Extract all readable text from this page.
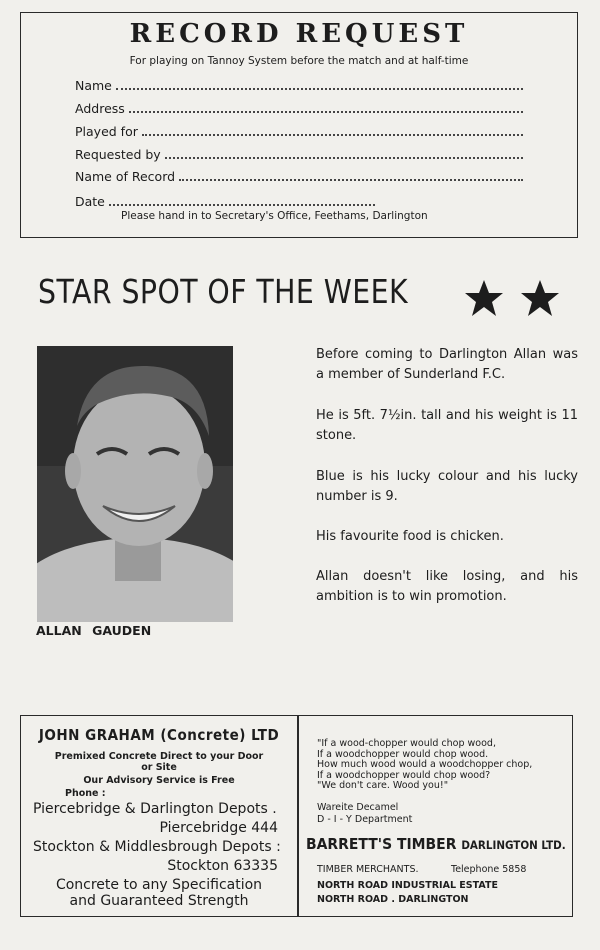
RECORD REQUEST
For playing on Tannoy System before the match and at half-time
Name
Address
Played for
Requested by
Name of Record
Date
Please hand in to Secretary's Office, Feethams, Darlington
STAR SPOT OF THE WEEK
ALLAN GAUDEN
Before coming to Darlington Allan was a member of Sunderland F.C.
He is 5ft. 7½in. tall and his weight is 11 stone.
Blue is his lucky colour and his lucky number is 9.
His favourite food is chicken.
Allan doesn't like losing, and his ambition is to win promotion.
JOHN GRAHAM (Concrete) LTD
Premixed Concrete Direct to your Door
or Site
Our Advisory Service is Free
Phone :
Piercebridge & Darlington Depots .
Piercebridge 444
Stockton & Middlesbrough Depots :
Stockton 63335
Concrete to any Specification
and Guaranteed Strength
"If a wood-chopper would chop wood,
If a woodchopper would chop wood.
How much wood would a woodchopper chop,
If a woodchopper would chop wood?
"We don't care. Wood you!"
Wareite Decamel
D - I - Y Department
BARRETT'S TIMBER DARLINGTON LTD.
TIMBER MERCHANTS.	Telephone 5858
NORTH ROAD INDUSTRIAL ESTATE
NORTH ROAD . DARLINGTON
